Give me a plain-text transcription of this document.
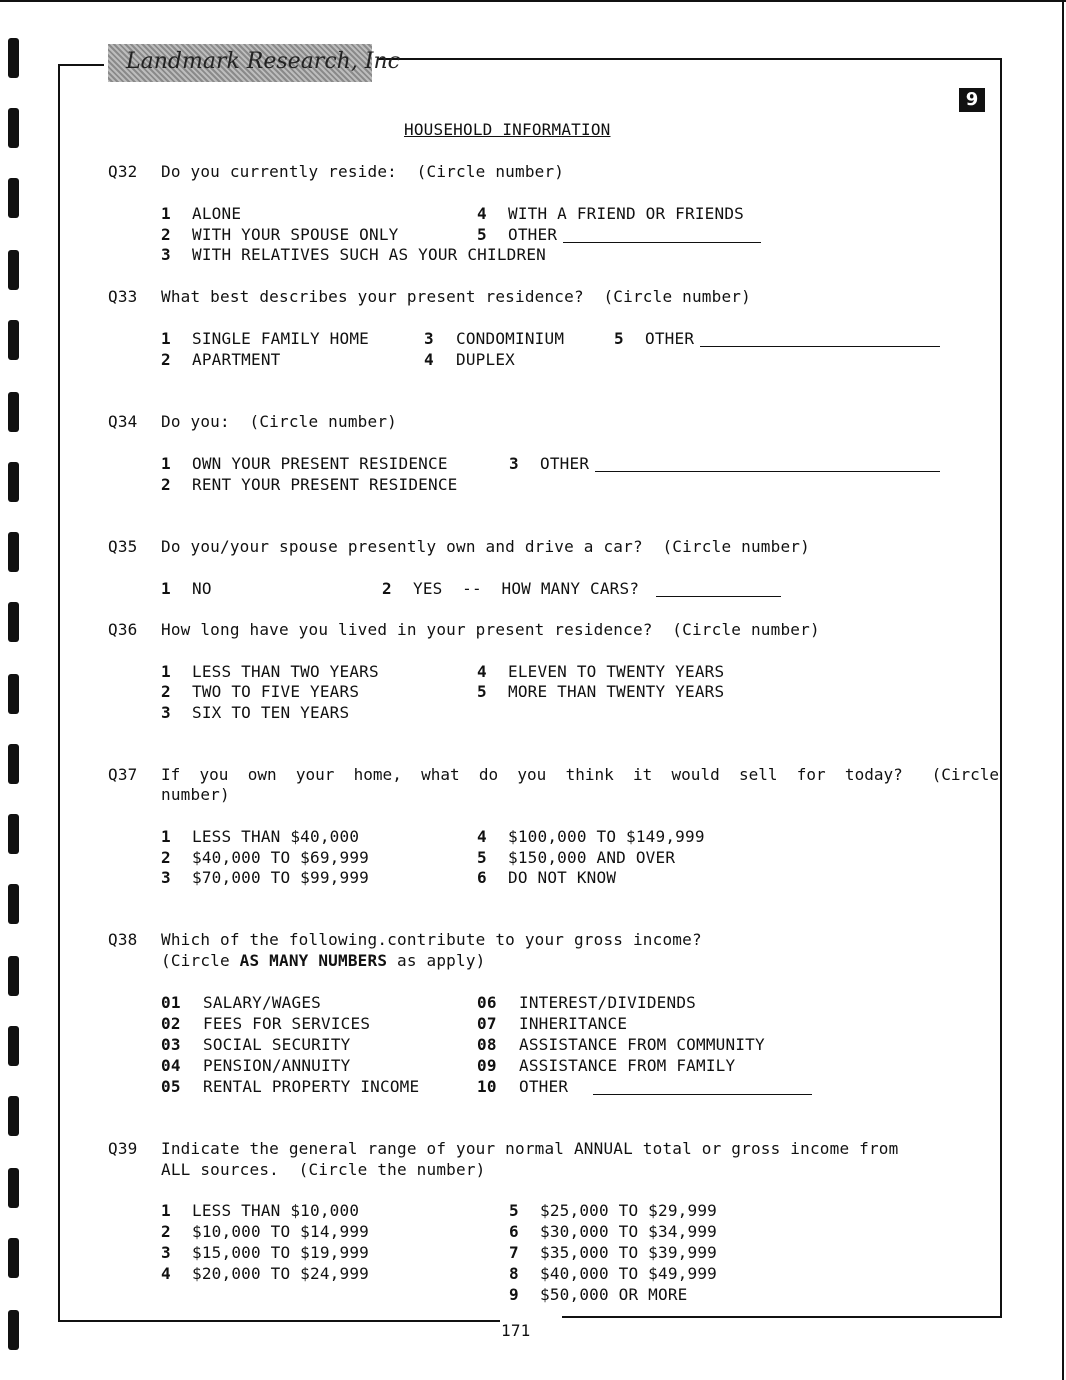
Landmark Research, Inc
9
HOUSEHOLD INFORMATION
Q32 Do you currently reside:  (Circle number)
1 ALONE
2 WITH YOUR SPOUSE ONLY
3 WITH RELATIVES SUCH AS YOUR CHILDREN
4 WITH A FRIEND OR FRIENDS
5 OTHER
Q33 What best describes your present residence?  (Circle number)
1 SINGLE FAMILY HOME
2 APARTMENT
3 CONDOMINIUM
4 DUPLEX
5 OTHER
Q34 Do you:  (Circle number)
1 OWN YOUR PRESENT RESIDENCE
2 RENT YOUR PRESENT RESIDENCE
3 OTHER
Q35 Do you/your spouse presently own and drive a car?  (Circle number)
1 NO	2 YES  --  HOW MANY CARS?
Q36 How long have you lived in your present residence?  (Circle number)
1 LESS THAN TWO YEARS
2 TWO TO FIVE YEARS
3 SIX TO TEN YEARS
4 ELEVEN TO TWENTY YEARS
5 MORE THAN TWENTY YEARS
Q37 If  you  own  your  home,  what  do  you  think  it  would  sell  for  today?   (Circle
number)
1 LESS THAN $40,000
2 $40,000 TO $69,999
3 $70,000 TO $99,999
4 $100,000 TO $149,999
5 $150,000 AND OVER
6 DO NOT KNOW
Q38 Which of the following.contribute to your gross income?
(Circle AS MANY NUMBERS as apply)
01 SALARY/WAGES
02 FEES FOR SERVICES
03 SOCIAL SECURITY
04 PENSION/ANNUITY
05 RENTAL PROPERTY INCOME
06 INTEREST/DIVIDENDS
07 INHERITANCE
08 ASSISTANCE FROM COMMUNITY
09 ASSISTANCE FROM FAMILY
10 OTHER
Q39 Indicate the general range of your normal ANNUAL total or gross income from
ALL sources.  (Circle the number)
1 LESS THAN $10,000
2 $10,000 TO $14,999
3 $15,000 TO $19,999
4 $20,000 TO $24,999
5 $25,000 TO $29,999
6 $30,000 TO $34,999
7 $35,000 TO $39,999
8 $40,000 TO $49,999
9 $50,000 OR MORE
171
